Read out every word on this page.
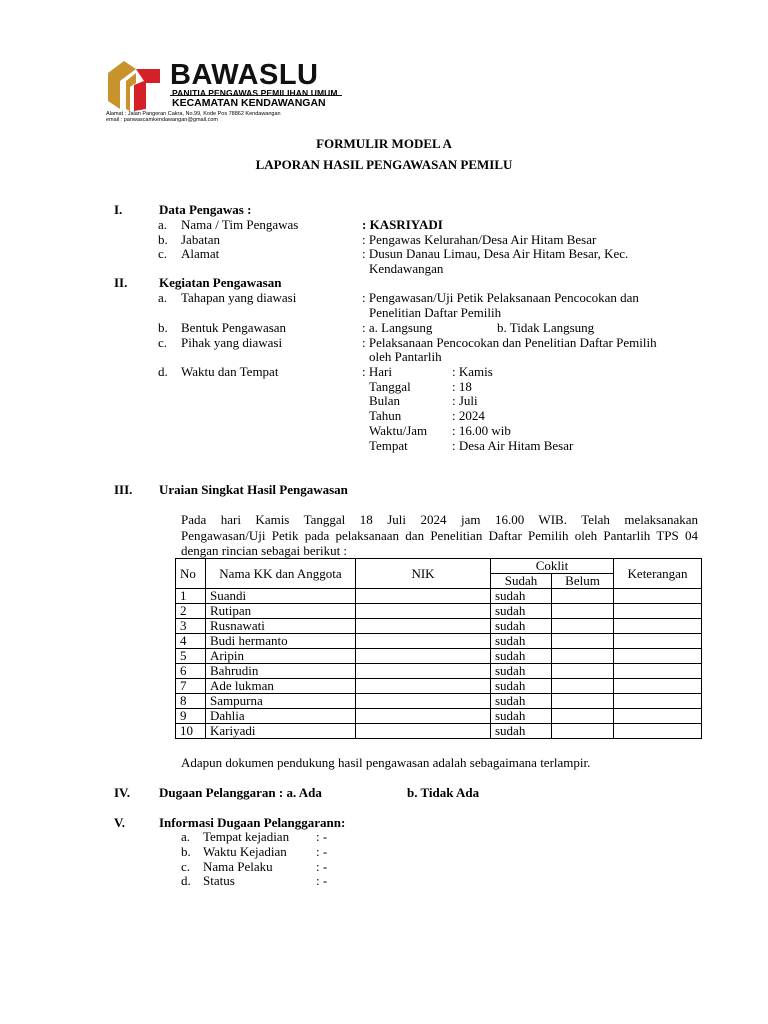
BAWASLU
PANITIA PENGAWAS PEMILIHAN UMUM
KECAMATAN KENDAWANGAN
Alamat : Jalan Pangeran Cakra, No.99, Kode Pos 78862 Kendawangan
email : panwascamkendawangan@gmail.com
FORMULIR MODEL A
LAPORAN HASIL PENGAWASAN PEMILU
I.	Data Pengawas :
a. Nama / Tim Pengawas	: KASRIYADI
b. Jabatan	: Pengawas Kelurahan/Desa Air Hitam Besar
c. Alamat	: Dusun Danau Limau, Desa Air Hitam Besar, Kec.
Kendawangan
II. Kegiatan Pengawasan
a. Tahapan yang diawasi	: Pengawasan/Uji Petik Pelaksanaan Pencocokan dan
Penelitian Daftar Pemilih
b. Bentuk Pengawasan	: a. Langsung	b. Tidak Langsung
c. Pihak yang diawasi	: Pelaksanaan Pencocokan dan Penelitian Daftar Pemilih
oleh Pantarlih
d. Waktu dan Tempat	: Hari	: Kamis
Tanggal	: 18
Bulan	: Juli
Tahun	: 2024
Waktu/Jam : 16.00 wib
Tempat	: Desa Air Hitam Besar
III. Uraian Singkat Hasil Pengawasan
Pada hari Kamis Tanggal 18 Juli 2024 jam 16.00 WIB. Telah melaksanakan
Pengawasan/Uji Petik pada pelaksanaan dan Penelitian Daftar Pemilih oleh Pantarlih TPS 04
dengan rincian sebagai berikut :
No	Nama KK dan Anggota	NIK	Coklit		Keterangan
			Sudah	Belum	
1	Suandi		sudah		
2	Rutipan		sudah		
3	Rusnawati		sudah		
4	Budi hermanto		sudah		
5	Aripin		sudah		
6	Bahrudin		sudah		
7	Ade lukman		sudah		
8	Sampurna		sudah		
9	Dahlia		sudah		
10	Kariyadi		sudah		
Adapun dokumen pendukung hasil pengawasan adalah sebagaimana terlampir.
IV. Dugaan Pelanggaran : a. Ada	b. Tidak Ada
V.	Informasi Dugaan Pelanggarann:
a. Tempat kejadian : -
b. Waktu Kejadian : -
c. Nama Pelaku	: -
d. Status	: -
